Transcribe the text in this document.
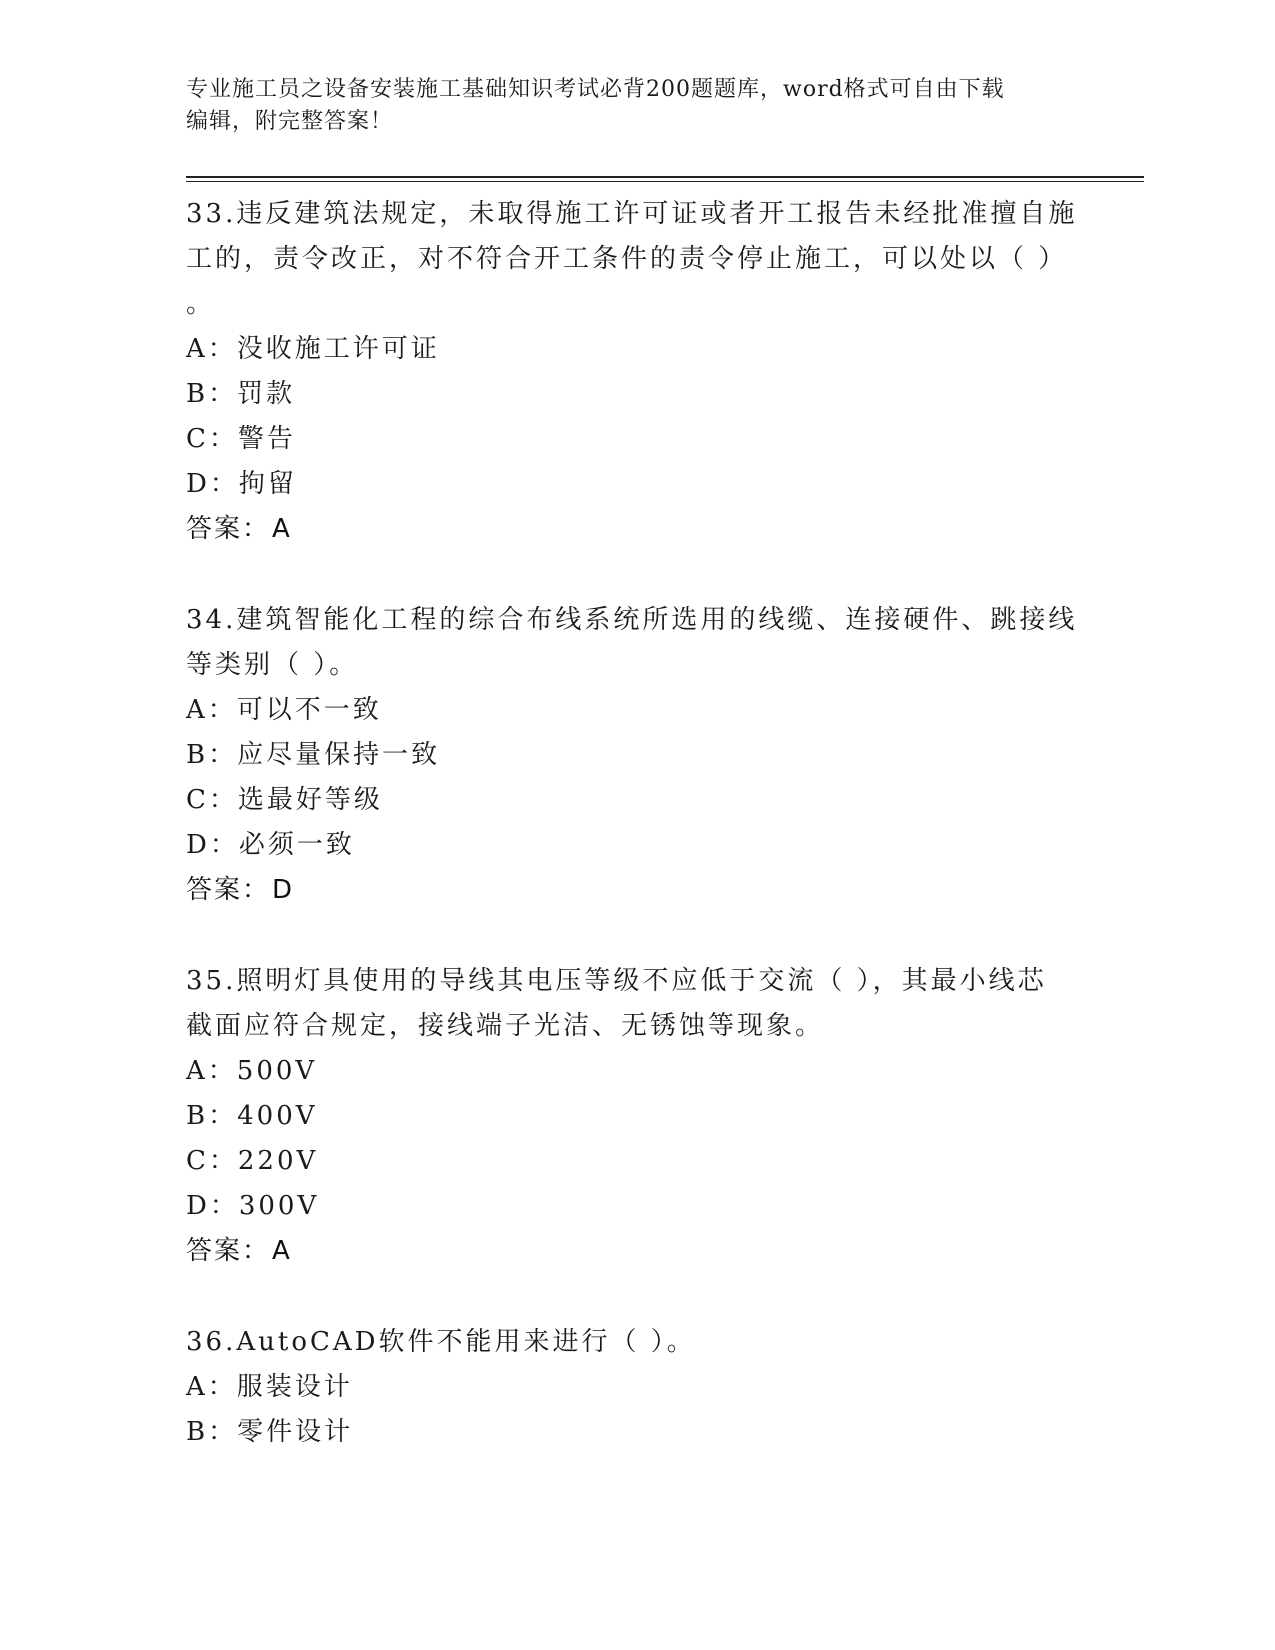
专业施工员之设备安装施工基础知识考试必背200题题库，word格式可自由下载
编辑，附完整答案！
33.违反建筑法规定，未取得施工许可证或者开工报告未经批准擅自施
工的，责令改正，对不符合开工条件的责令停止施工，可以处以（ ）
。
A：没收施工许可证
B：罚款
C：警告
D：拘留
答案：A
34.建筑智能化工程的综合布线系统所选用的线缆、连接硬件、跳接线
等类别（ ）。
A：可以不一致
B：应尽量保持一致
C：选最好等级
D：必须一致
答案：D
35.照明灯具使用的导线其电压等级不应低于交流（ ），其最小线芯
截面应符合规定，接线端子光洁、无锈蚀等现象。
A：500V
B：400V
C：220V
D：300V
答案：A
36.AutoCAD软件不能用来进行（ ）。
A：服装设计
B：零件设计
